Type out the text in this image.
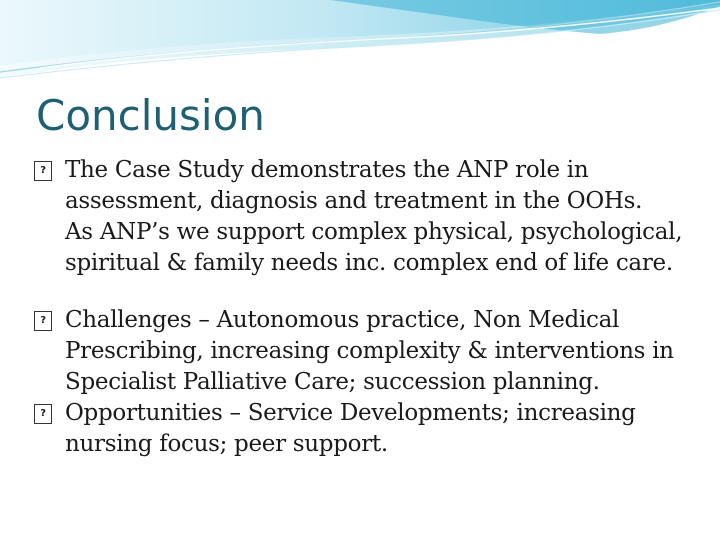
Conclusion

?
The Case Study demonstrates the ANP role in
assessment, diagnosis and treatment in the OOHs.
As ANP’s we support complex physical, psychological,
spiritual & family needs inc. complex end of life care.

?
Challenges – Autonomous practice, Non Medical
Prescribing, increasing complexity & interventions in
Specialist Palliative Care; succession planning.

?
Opportunities – Service Developments; increasing
nursing focus; peer support.
